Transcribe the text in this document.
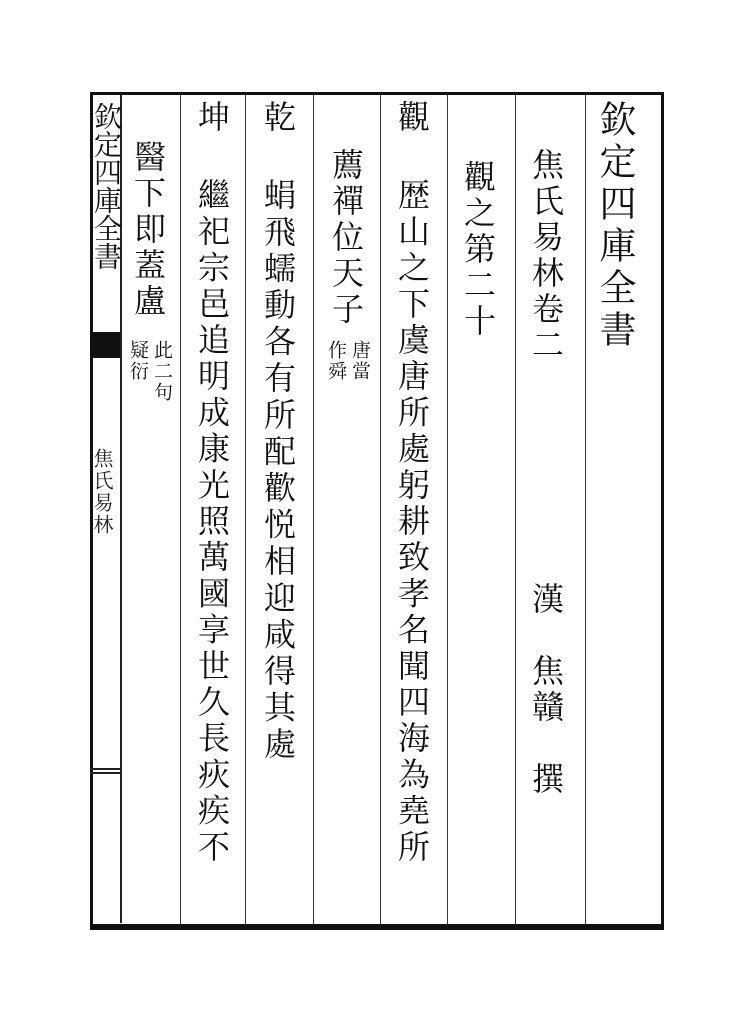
欽定四庫全書
焦氏易林
欽定四庫全書
焦氏易林卷二
漢　焦贛　撰
觀之第二十
觀
歴山之下虞唐所處躬耕致孝名聞四海為堯所
薦禪位天子
唐當
作舜
乾
蜎飛蠕動各有所配歡悦相迎咸得其處
坤
繼祀宗邑追明成康光照萬國享世久長疢疾不
醫下即蓋盧
此二句
疑衍
